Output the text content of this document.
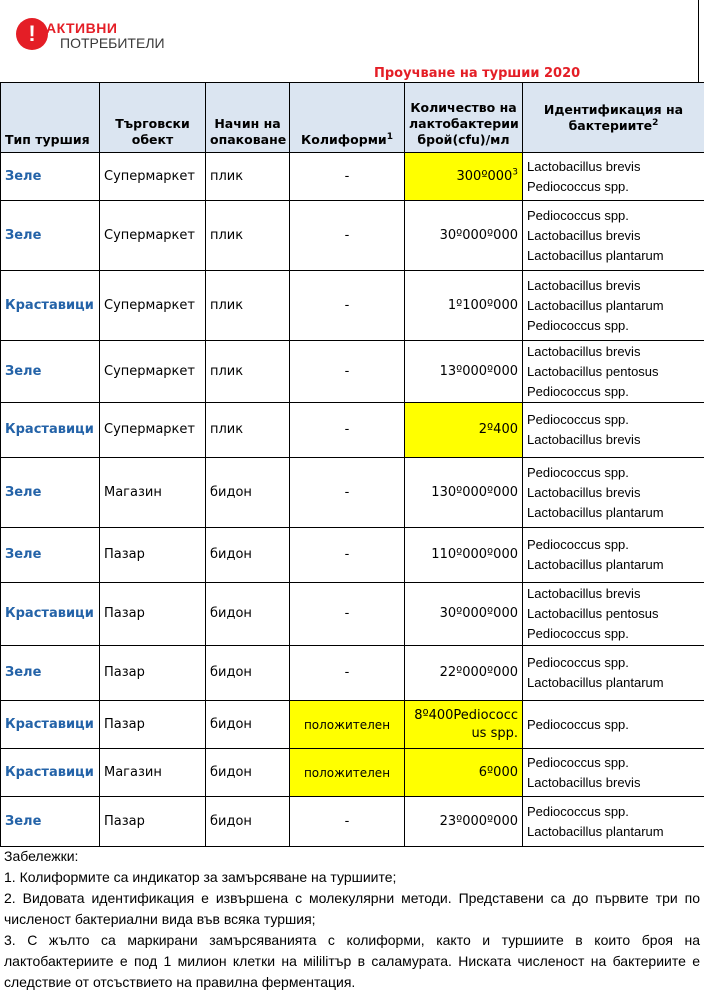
! АКТИВНИ
ПОТРЕБИТЕЛИ
Проучване на туршии 2020
Тип туршия	Търговски обект	Начин на опаковане	Колиформи$^1$	Количество на лактобактерии брой(cfu)/мл	Идентификация на бактериите$^2$
Зеле	Супермаркет	плик	-	$300º000^3$	Lactobacillus brevis
Pediococcus spp.

Зеле	Супермаркет	плик	-	30º000º000	Pediococcus spp.
Lactobacillus brevis
Lactobacillus plantarum

Краставици	Супермаркет	плик	-	1º100º000	Lactobacillus brevis
Lactobacillus plantarum
Pediococcus spp.

Зеле	Супермаркет	плик	-	13º000º000	Lactobacillus brevis
Lactobacillus pentosus
Pediococcus spp.

Краставици	Супермаркет	плик	-	2º400	Pediococcus spp.
Lactobacillus brevis

Зеле	Магазин	бидон	-	130º000º000	Pediococcus spp.
Lactobacillus brevis
Lactobacillus plantarum

Зеле	Пазар	бидон	-	110º000º000	Pediococcus spp.
Lactobacillus plantarum

Краставици	Пазар	бидон	-	30º000º000	Lactobacillus brevis
Lactobacillus pentosus
Pediococcus spp.

Зеле	Пазар	бидон	-	22º000º000	Pediococcus spp.
Lactobacillus plantarum

Краставици	Пазар	бидон	положителен	8º400Pediococcus spp.	Pediococcus spp.

Краставици	Магазин	бидон	положителен	6º000	Pediococcus spp.
Lactobacillus brevis

Зеле	Пазар	бидон	-	23º000º000	Pediococcus spp.
Lactobacillus plantarum

Забележки:

1. Колиформите са индикатор за замърсяване на туршиите;

2. Видовата идентификация е извършена с молекулярни методи. Представени са до първите три по численост бактериални вида във всяка туршия;

3. С жълто са маркирани замърсяванията с колиформи, както и туршиите в които броя на лактобактериите е под 1 милион клетки на мililiтър в саламурата. Ниската численост на бактериите е следствие от отсъствието на правилна ферментация.
